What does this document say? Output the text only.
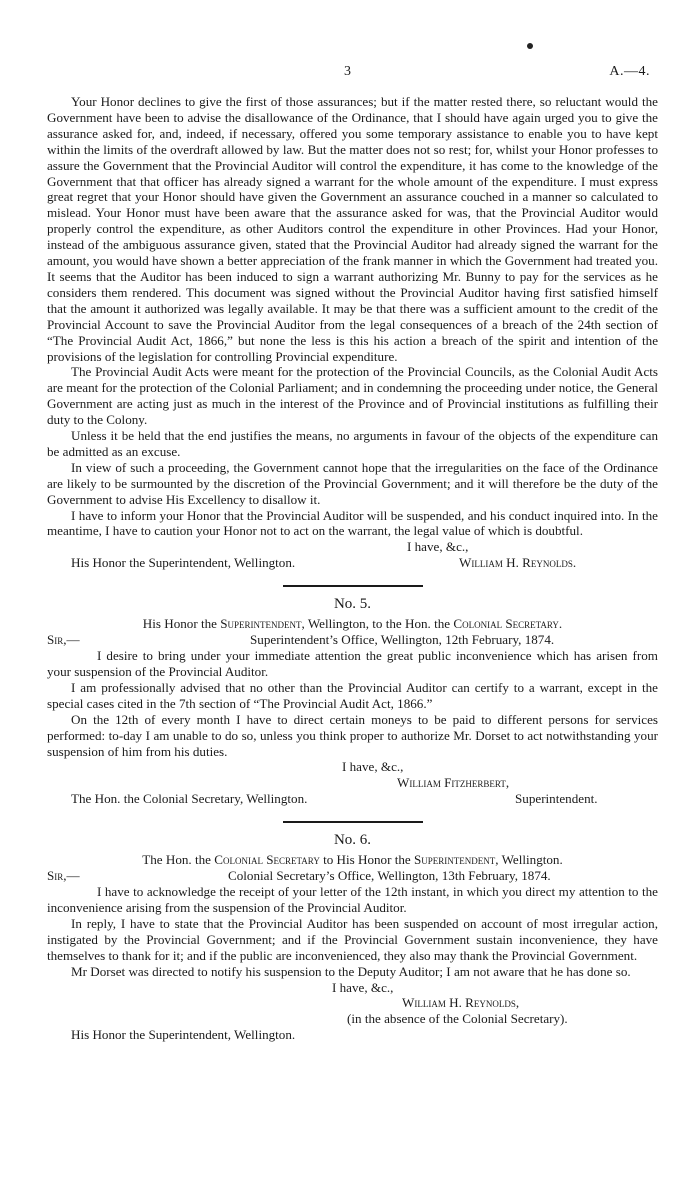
3	A.—4.

Your Honor declines to give the first of those assurances; but if the matter rested there, so reluctant would the Government have been to advise the disallowance of the Ordinance, that I should have again urged you to give the assurance asked for, and, indeed, if necessary, offered you some temporary assistance to enable you to have kept within the limits of the overdraft allowed by law. But the matter does not so rest; for, whilst your Honor professes to assure the Government that the Provincial Auditor will control the expenditure, it has come to the knowledge of the Government that that officer has already signed a warrant for the whole amount of the expenditure. I must express great regret that your Honor should have given the Government an assurance couched in a manner so calculated to mislead. Your Honor must have been aware that the assurance asked for was, that the Provincial Auditor would properly control the expenditure, as other Auditors control the expenditure in other Provinces. Had your Honor, instead of the ambiguous assurance given, stated that the Provincial Auditor had already signed the warrant for the amount, you would have shown a better appreciation of the frank manner in which the Government had treated you. It seems that the Auditor has been induced to sign a warrant authorizing Mr. Bunny to pay for the services as he considers them rendered. This document was signed without the Provincial Auditor having first satisfied himself that the amount it authorized was legally available. It may be that there was a sufficient amount to the credit of the Provincial Account to save the Provincial Auditor from the legal consequences of a breach of the 24th section of “The Provincial Audit Act, 1866,” but none the less is this his action a breach of the spirit and intention of the provisions of the legislation for controlling Provincial expenditure.

The Provincial Audit Acts were meant for the protection of the Provincial Councils, as the Colonial Audit Acts are meant for the protection of the Colonial Parliament; and in condemning the proceeding under notice, the General Government are acting just as much in the interest of the Province and of Provincial institutions as fulfilling their duty to the Colony.

Unless it be held that the end justifies the means, no arguments in favour of the objects of the expenditure can be admitted as an excuse.

In view of such a proceeding, the Government cannot hope that the irregularities on the face of the Ordinance are likely to be surmounted by the discretion of the Provincial Government; and it will therefore be the duty of the Government to advise His Excellency to disallow it.

I have to inform your Honor that the Provincial Auditor will be suspended, and his conduct inquired into. In the meantime, I have to caution your Honor not to act on the warrant, the legal value of which is doubtful.

I have, &c.,
His Honor the Superintendent, Wellington.	William H. Reynolds.
No. 5.
His Honor the Superintendent, Wellington, to the Hon. the Colonial Secretary.
Sir,—	Superintendent’s Office, Wellington, 12th February, 1874.

I desire to bring under your immediate attention the great public inconvenience which has arisen from your suspension of the Provincial Auditor.

I am professionally advised that no other than the Provincial Auditor can certify to a warrant, except in the special cases cited in the 7th section of “The Provincial Audit Act, 1866.”

On the 12th of every month I have to direct certain moneys to be paid to different persons for services performed: to-day I am unable to do so, unless you think proper to authorize Mr. Dorset to act notwithstanding your suspension of him from his duties.

I have, &c.,
William Fitzherbert,
The Hon. the Colonial Secretary, Wellington.	Superintendent.
No. 6.
The Hon. the Colonial Secretary to His Honor the Superintendent, Wellington.
Sir,—	Colonial Secretary’s Office, Wellington, 13th February, 1874.

I have to acknowledge the receipt of your letter of the 12th instant, in which you direct my attention to the inconvenience arising from the suspension of the Provincial Auditor.

In reply, I have to state that the Provincial Auditor has been suspended on account of most irregular action, instigated by the Provincial Government; and if the Provincial Government sustain inconvenience, they have themselves to thank for it; and if the public are inconvenienced, they also may thank the Provincial Government.

Mr Dorset was directed to notify his suspension to the Deputy Auditor; I am not aware that he has done so.

I have, &c.,
William H. Reynolds,
(in the absence of the Colonial Secretary).
His Honor the Superintendent, Wellington.
